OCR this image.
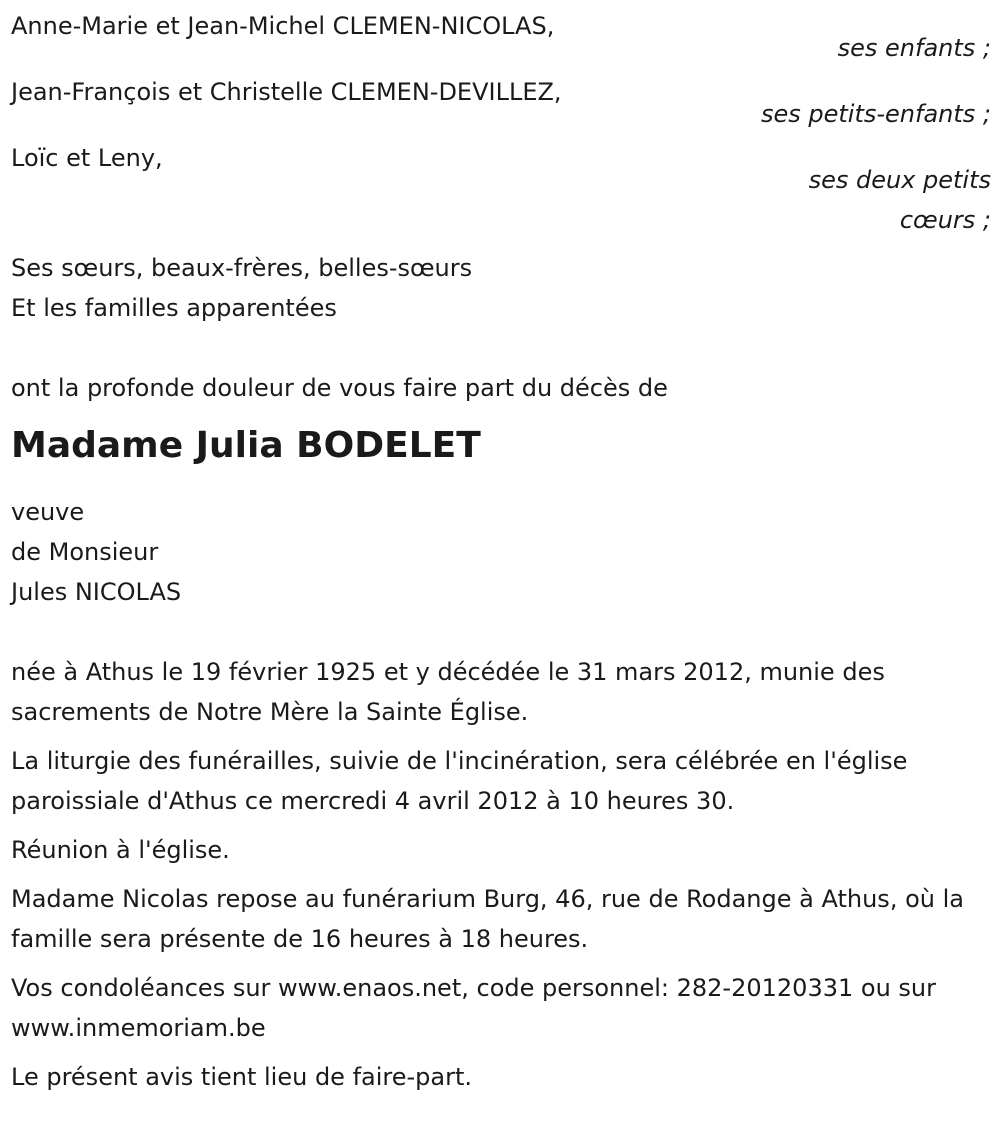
Anne-Marie et Jean-Michel CLEMEN-NICOLAS,
ses enfants ;
Jean-François et Christelle CLEMEN-DEVILLEZ,
ses petits-enfants ;
Loïc et Leny,
ses deux petits
cœurs ;
Ses sœurs, beaux-frères, belles-sœurs
Et les familles apparentées
ont la profonde douleur de vous faire part du décès de
Madame Julia BODELET
veuve
de Monsieur
Jules NICOLAS
née à Athus le 19 février 1925 et y décédée le 31 mars 2012, munie des sacrements de Notre Mère la Sainte Église.
La liturgie des funérailles, suivie de l'incinération, sera célébrée en l'église paroissiale d'Athus ce mercredi 4 avril 2012 à 10 heures 30.
Réunion à l'église.
Madame Nicolas repose au funérarium Burg, 46, rue de Rodange à Athus, où la famille sera présente de 16 heures à 18 heures.
Vos condoléances sur www.enaos.net, code personnel: 282-20120331 ou sur www.inmemoriam.be
Le présent avis tient lieu de faire-part.
